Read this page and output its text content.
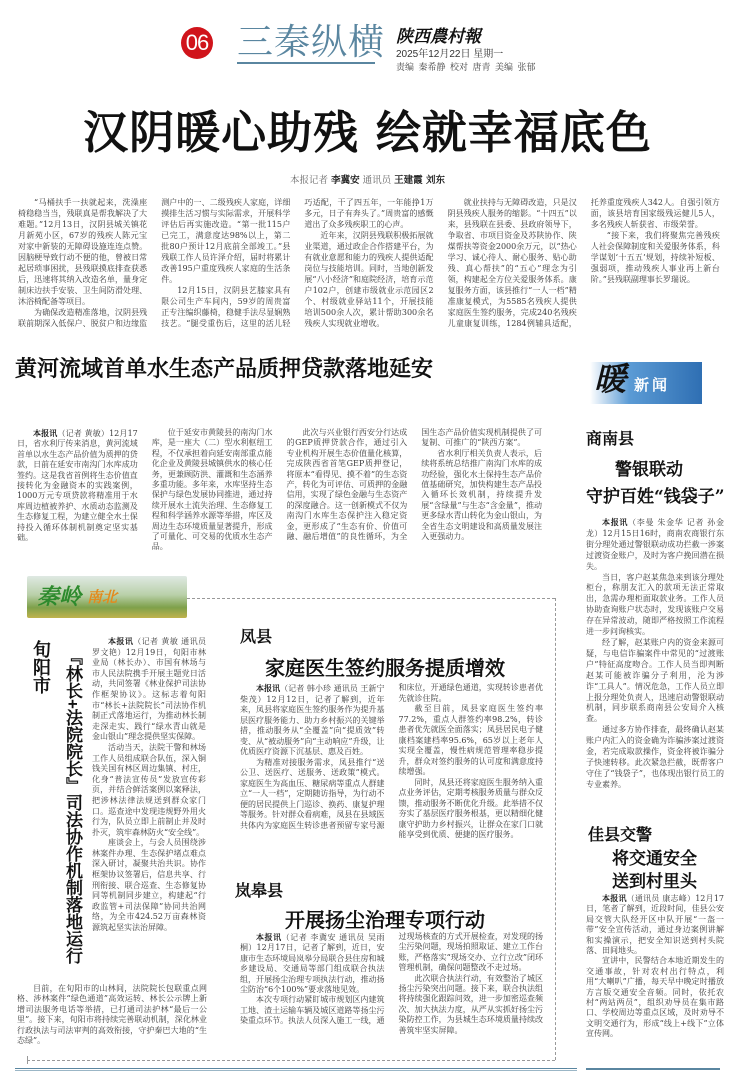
06 三秦纵横 陕西農村報
2025年12月22日 星期一
责编 秦希静 校对 唐青 美编 张郁
汉阴暖心助残 绘就幸福底色
本报记者 李冀安 通讯员 王建霞 刘东

“马桶扶手一扶就起来，洗澡座椅稳稳当当，残联真是帮我解决了大难题。”12月13日，汉阴县城关镇花月新苑小区，67岁的残疾人陈元宝对家中新装的无障碍设施连连点赞。因脑梗导致行动不便的他，曾被日常起居琐事困扰，县残联摸底排查获悉后，迅速将其纳入改造名单，量身定制床边扶手安装、卫生间防滑处理、沐浴椅配备等项目。

为确保改造精准落地，汉阴县残联前期深入低保户、脱贫户和边缘监测户中的一、二级残疾人家庭，详细摸排生活习惯与实际需求，开展科学评估后再实施改造。“第一批115户已完工，满意度达98%以上，第二批80户预计12月底前全部竣工。”县残联工作人员许泽介绍，届时将累计改善195户重度残疾人家庭的生活条件。

12月15日，汉阴县艺膝家具有限公司生产车间内，59岁的周贵富正专注编织藤椅，稳健手法尽显娴熟技艺。“腿受重伤后，这里的活儿轻巧适配，干了四五年，一年能挣1万多元，日子有奔头了。”周贵富的感慨道出了众多残疾职工的心声。

近年来，汉阴县残联积极拓展就业渠道，通过政企合作搭建平台，为有就业意愿和能力的残疾人提供适配岗位与技能培训。同时，当地创新发展“八小经济”和庭院经济，培育示范户102户，创建市级就业示范园区2个、村级就业驿站11个，开展技能培训500余人次，累计帮助300余名残疾人实现就业增收。

就业扶持与无障碍改造，只是汉阴县残疾人服务的缩影。“十四五”以来，县残联在县委、县政府领导下，争取省、市项目资金及苏陕协作、陕煤帮扶等资金2000余万元，以“热心学习、诚心待人、耐心服务、贴心助残、真心帮扶”的“五心”理念为引领，构建起全方位关爱服务体系。康复服务方面，该县推行“一人一档”精准康复模式，为5585名残疾人提供家庭医生签约服务，完成240名残疾儿童康复训练，1284例辅具适配，托养重度残疾人342人。自强引领方面，该县培育国家级残运健儿5人，多名残疾人斩获省、市级荣誉。

“接下来，我们将聚焦完善残疾人社会保障制度和关爱服务体系，科学谋划‘十五五’规划，持续补短板、强弱项，推动残疾人事业再上新台阶。”县残联副理事长罗瑞说。

黄河流域首单水生态产品质押贷款落地延安	暖 新闻

本报讯（记者 黄敏）12月17日，省水利厅传来消息，黄河流域首单以水生态产品价值为质押的贷款，日前在延安市南沟门水库成功签约。这是我省首例将生态价值直接转化为金融资本的实践案例，1000万元专项贷款将精准用于水库周边植被养护、水质动态监测及生态修复工程，为建立健全水土保持投入循环体制机制奠定坚实基础。

位于延安市黄陵县的南沟门水库，是一座大（二）型水利枢纽工程，不仅承担着向延安南部重点能化企业及黄陵县城镇供水的核心任务，更兼顾防洪、灌溉和生态涵养多重功能。多年来，水库坚持生态保护与绿色发展协同推进，通过持续开展水土流失治理、生态修复工程和科学涵养水源等举措，库区及周边生态环境质量显著提升，形成了可量化、可交易的优质水生态产品。

此次与兴业银行西安分行达成的GEP质押贷款合作，通过引入专业机构开展生态价值量化核算，完成陕西省首笔GEP质押登记，将原本“看得见、摸不着”的生态资产，转化为可评估、可质押的金融信用，实现了绿色金融与生态资产的深度融合。这一创新模式不仅为南沟门水库生态保护注入稳定资金，更形成了“生态有价、价值可融、融后增值”的良性循环，为全国生态产品价值实现机制提供了可复制、可推广的“陕西方案”。

省水利厅相关负责人表示，后续将系统总结推广南沟门水库的成功经验，强化水土保持生态产品价值基础研究，加快构建生态产品投入循环长效机制，持续提升发展“含绿量”与生态“含金量”，推动更多绿水青山转化为金山银山，为全省生态文明建设和高质量发展注入更强动力。

商南县
警银联动
守护百姓“钱袋子”

本报讯（李曼 朱金华 记者 孙金龙）12月15日16时，商南农商银行东街分理处通过警银联动成功拦截一涉案过渡资金账户，及时为客户挽回潜在损失。

当日，客户赵某焦急来到该分理处柜台，称朋友汇入的款项无法正常取出，急需办理柜面取款业务。工作人员协助查询账户状态时，发现该账户交易存在异常波动，随即严格按照工作流程进一步问询核实。

经了解，赵某账户内的资金来源可疑，与电信诈骗案件中常见的“过渡账户”特征高度吻合。工作人员当即判断赵某可能被诈骗分子利用，沦为涉诈“工具人”。情况危急，工作人员立即上报分理处负责人，迅速启动警银联动机制，同步联系商南县公安局介入核查。

通过多方协作排查，最终确认赵某账户内汇入的资金确为诈骗涉案过渡资金，若完成取款操作，资金将被诈骗分子快速转移。此次紧急拦截，既帮客户守住了“钱袋子”，也体现出银行员工的专业素养。

佳县交警
将交通安全
送到村里头

本报讯（通讯员 康志峰）12月17日，笔者了解到，近段时间，佳县公安局交管大队经开区中队开展“一盔一带”安全宣传活动，通过身边案例讲解和实操演示，把安全知识送到村头院落、田间地头。

宣讲中，民警结合本地近期发生的交通事故，针对农村出行特点，利用“大喇叭”广播，每天早中晚定时播放方言版交通安全音频。同时，依托农村“两站两员”，组织劝导员在集市路口、学校周边等重点区域，及时劝导不文明交通行为，形成“线上+线下”立体宣传网。

秦岭 南北
旬阳市 『林长+法院院长』司法协作机制落地运行

本报讯（记者 黄敏 通讯员 罗文艳）12月19日，旬阳市林业局（林长办）、市国有林场与市人民法院携手开展主题党日活动，共同签署《林业保护司法协作框架协议》。这标志着旬阳市“林长+法院院长”司法协作机制正式落地运行，为推动林长制走深走实、践行“绿水青山就是金山银山”理念提供坚实保障。

活动当天，法院干警和林场工作人员组成联合队伍，深入铜钱关国有林区周边集镇、村庄，化身“普法宣传员”发放宣传彩页，并结合鲜活案例以案释法，把涉林法律法规送到群众家门口。巡查途中发现违规野外用火行为，队员立即上前制止并及时扑灭，筑牢森林防火“安全线”。

座谈会上，与会人员围绕涉林案件办理、生态保护堵点难点深入研讨，凝聚共治共识。协作框架协议签署后，信息共享、行刑衔接、联合巡查、生态修复协同等机制同步建立，构建起“行政监管+司法保障”协同共治网络，为全市424.52万亩森林资源筑起坚实法治屏障。

目前，在旬阳市的山林间，法院院长包联重点网格、涉林案件“绿色通道”高效运转、林长公示牌上新增司法服务电话等举措，已打通司法护林“最后一公里”。接下来，旬阳市将持续完善联动机制，深化林业行政执法与司法审判的高效衔接，守护秦巴大地的“生态绿”。

凤县
家庭医生签约服务提质增效

本报讯（记者 韩小珍 通讯员 王新宁 柴茂）12月12日，记者了解到，近年来，凤县将家庭医生签约服务作为提升基层医疗服务能力、助力乡村振兴的关键举措，推动服务从“全覆盖”向“提质效”转变、从“被动服务”向“主动响应”升级，让优质医疗资源下沉基层、惠及百姓。

为精准对接服务需求，凤县推行“送公卫、送医疗、送服务、送政策”模式。家庭医生为高血压、糖尿病等重点人群建立“一人一档”，定期随访指导，为行动不便的居民提供上门巡诊、换药、康复护理等服务。针对群众看病难，凤县在县域医共体内为家庭医生转诊患者预留专家号源和床位，开通绿色通道，实现转诊患者优先就诊住院。

截至目前，凤县家庭医生签约率77.2%，重点人群签约率98.2%，转诊患者优先就医全面落实；凤县居民电子健康档案建档率95.6%，65岁以上老年人实现全覆盖，慢性病规范管理率稳步提升，群众对签约服务的认可度和满意度持续增强。

同时，凤县还将家庭医生服务纳入重点业务评估，定期考核服务质量与群众反馈，推动服务不断优化升级。此举措不仅夯实了基层医疗服务根基，更以精细化健康守护助力乡村振兴，让群众在家门口就能享受到优质、便捷的医疗服务。

岚皋县
开展扬尘治理专项行动

本报讯（记者 李冀安 通讯员 吴雨桐）12月17日，记者了解到，近日，安康市生态环境局岚皋分局联合县住房和城乡建设局、交通局等部门组成联合执法组，开展扬尘治理专项执法行动，推动扬尘防治“6个100%”要求落地见效。

本次专项行动紧盯城市规划区内建筑工地、渣土运输车辆及城区道路等扬尘污染重点环节。执法人员深入施工一线，通过现场核查的方式开展检查，对发现的扬尘污染问题，现场拍照取证、建立工作台账，严格落实“现场交办、立行立改”闭环管理机制，确保问题整改不走过场。

此次联合执法行动，有效整治了城区扬尘污染突出问题。接下来，联合执法组将持续强化跟踪问效，进一步加密巡查频次、加大执法力度，从严从实抓好扬尘污染防控工作，为县城生态环境质量持续改善筑牢坚实屏障。
